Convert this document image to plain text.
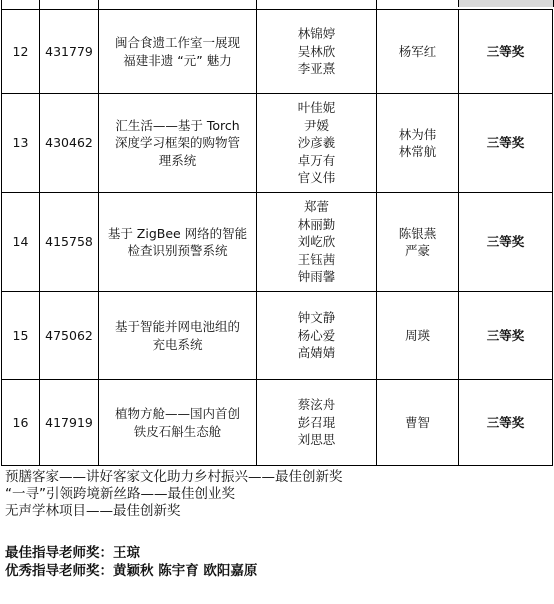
12	431779	闽合食遗工作室一展现
福建非遗 “元” 魅力	林锦婷
吴林欣
李亚熹	杨军红	三等奖

13	430462	汇生活——基于 Torch
深度学习框架的购物管
理系统	叶佳妮
尹媛
沙彦羲
卓万有
官义伟	林为伟
林常航	三等奖

14	415758	基于 ZigBee 网络的智能
检查识别预警系统	郑蕾
林丽勤
刘屹欣
王钰茜
钟雨馨	陈银燕
严豪	三等奖

15	475062	基于智能并网电池组的
充电系统	钟文静
杨心爱
高婧婧	周瑛	三等奖

16	417919	植物方舱——国内首创
铁皮石斛生态舱	蔡泫舟
彭召琨
刘思思	曹智	三等奖
预膳客家——讲好客家文化助力乡村振兴——最佳创新奖
“一寻”引领跨境新丝路——最佳创业奖
无声学林项目——最佳创新奖
最佳指导老师奖：王琼
优秀指导老师奖：黄颖秋 陈宇育 欧阳嘉原
